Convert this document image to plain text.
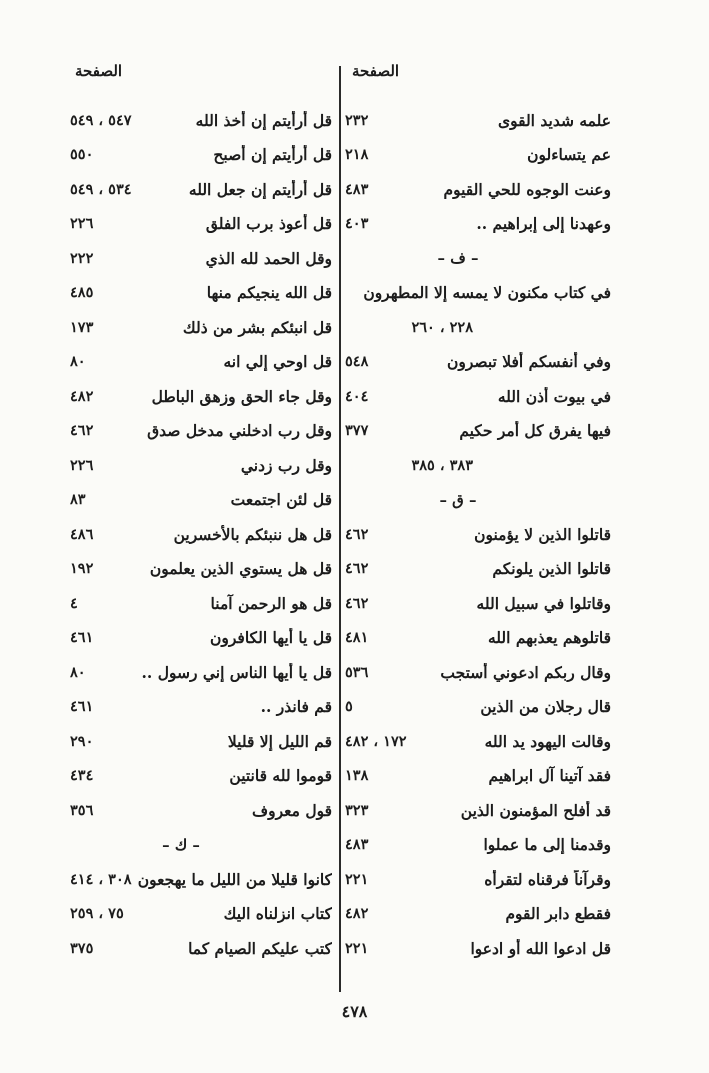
الصفحة
الصفحة
علمه شديد القوى
٢٣٢
عم يتساءلون
٢١٨
وعنت الوجوه للحي القيوم
٤٨٣
وعهدنا إلى إبراهيم ..
٤٠٣
– ف –
في كتاب مكنون لا يمسه إلا المطهرون
٢٢٨ ، ٢٦٠
وفي أنفسكم أفلا تبصرون
٥٤٨
في بيوت أذن الله
٤٠٤
فيها يفرق كل أمر حكيم
٣٧٧
٣٨٣ ، ٣٨٥
– ق –
قاتلوا الذين لا يؤمنون
٤٦٢
قاتلوا الذين يلونكم
٤٦٢
وقاتلوا في سبيل الله
٤٦٢
قاتلوهم يعذبهم الله
٤٨١
وقال ربكم ادعوني أستجب
٥٣٦
قال رجلان من الذين
٥
وقالت اليهود يد الله
١٧٢ ، ٤٨٢
فقد آتينا آل ابراهيم
١٣٨
قد أفلح المؤمنون الذين
٣٢٣
وقدمنا إلى ما عملوا
٤٨٣
وقرآناً فرقناه لتقرأه
٢٢١
فقطع دابر القوم
٤٨٢
قل ادعوا الله أو ادعوا
٢٢١
قل أرأيتم إن أخذ الله
٥٤٧ ، ٥٤٩
قل أرأيتم إن أصبح
٥٥٠
قل أرأيتم إن جعل الله
٥٣٤ ، ٥٤٩
قل أعوذ برب الفلق
٢٢٦
وقل الحمد لله الذي
٢٢٢
قل الله ينجيكم منها
٤٨٥
قل انبئكم بشر من ذلك
١٧٣
قل اوحي إلي انه
٨٠
وقل جاء الحق وزهق الباطل
٤٨٢
وقل رب ادخلني مدخل صدق
٤٦٢
وقل رب زدني
٢٢٦
قل لئن اجتمعت
٨٣
قل هل ننبئكم بالأخسرين
٤٨٦
قل هل يستوي الذين يعلمون
١٩٢
قل هو الرحمن آمنا
٤
قل يا أيها الكافرون
٤٦١
قل يا أيها الناس إني رسول ..
٨٠
قم فانذر ..
٤٦١
قم الليل إلا قليلا
٢٩٠
قوموا لله قانتين
٤٣٤
قول معروف
٣٥٦
– ك –
كانوا قليلا من الليل ما يهجعون
٣٠٨ ، ٤١٤
كتاب انزلناه اليك
٧٥ ، ٢٥٩
كتب عليكم الصيام كما
٣٧٥
٤٧٨
